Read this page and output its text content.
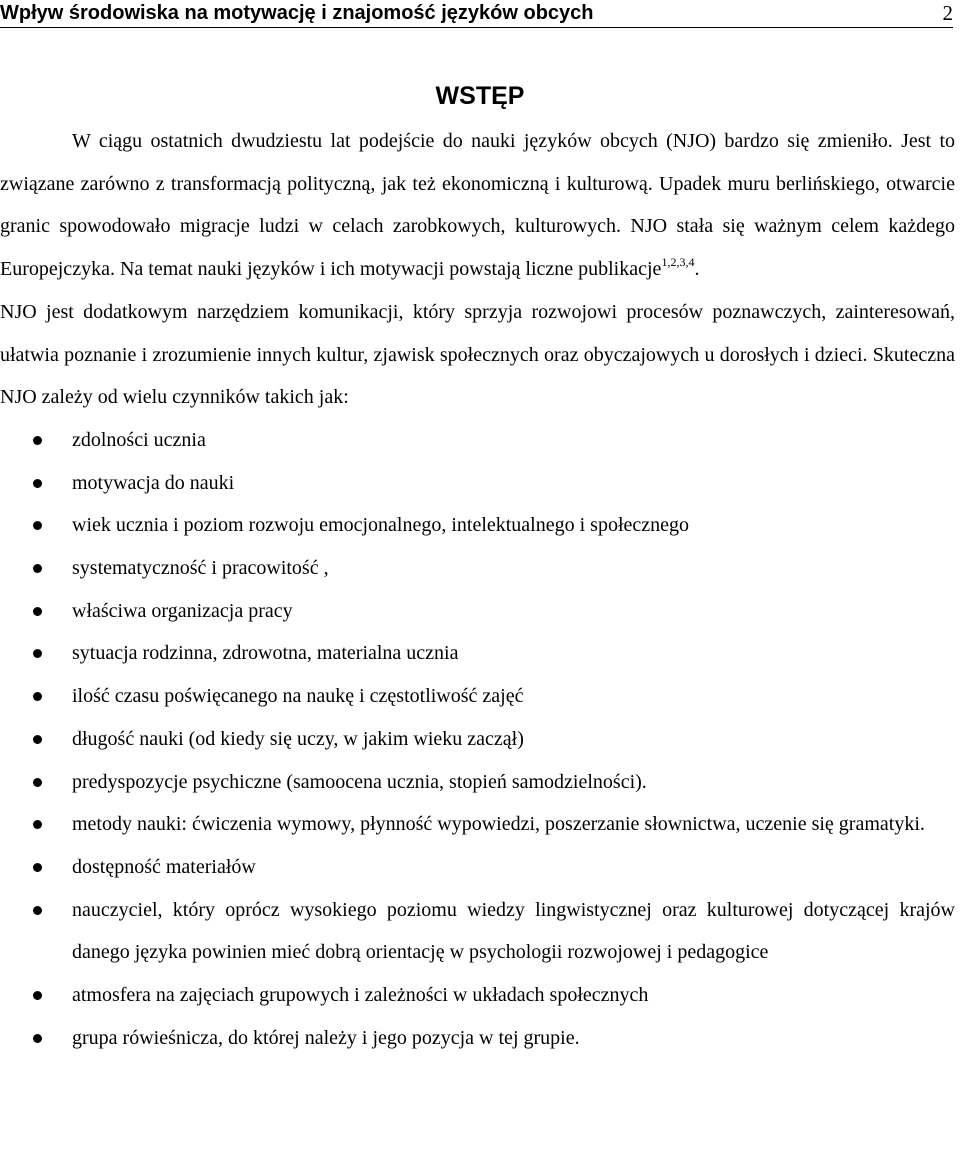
Wpływ środowiska na motywację i znajomość języków obcych	2
WSTĘP

W ciągu ostatnich dwudziestu lat podejście do nauki języków obcych (NJO) bardzo się zmieniło. Jest to związane zarówno z transformacją polityczną, jak też ekonomiczną i kulturową. Upadek muru berlińskiego, otwarcie granic spowodowało migracje ludzi w celach zarobkowych, kulturowych. NJO stała się ważnym celem każdego Europejczyka. Na temat nauki języków i ich motywacji powstają liczne publikacje$^{1,2,3,4}$.

NJO jest dodatkowym narzędziem komunikacji, który sprzyja rozwojowi procesów poznawczych, zainteresowań, ułatwia poznanie i zrozumienie innych kultur, zjawisk społecznych oraz obyczajowych u dorosłych i dzieci. Skuteczna NJO zależy od wielu czynników takich jak:

zdolności ucznia
motywacja do nauki
wiek ucznia i poziom rozwoju emocjonalnego, intelektualnego i społecznego
systematyczność i pracowitość ,
właściwa organizacja pracy
sytuacja rodzinna, zdrowotna, materialna ucznia
ilość czasu poświęcanego na naukę i częstotliwość zajęć
długość nauki (od kiedy się uczy, w jakim wieku zaczął)
predyspozycje psychiczne (samoocena ucznia, stopień samodzielności).
metody nauki: ćwiczenia wymowy, płynność wypowiedzi, poszerzanie słownictwa, uczenie się gramatyki.
dostępność materiałów
nauczyciel, który oprócz wysokiego poziomu wiedzy lingwistycznej oraz kulturowej dotyczącej krajów danego języka powinien mieć dobrą orientację w psychologii rozwojowej i pedagogice
atmosfera na zajęciach grupowych i zależności w układach społecznych
grupa rówieśnicza, do której należy i jego pozycja w tej grupie.
